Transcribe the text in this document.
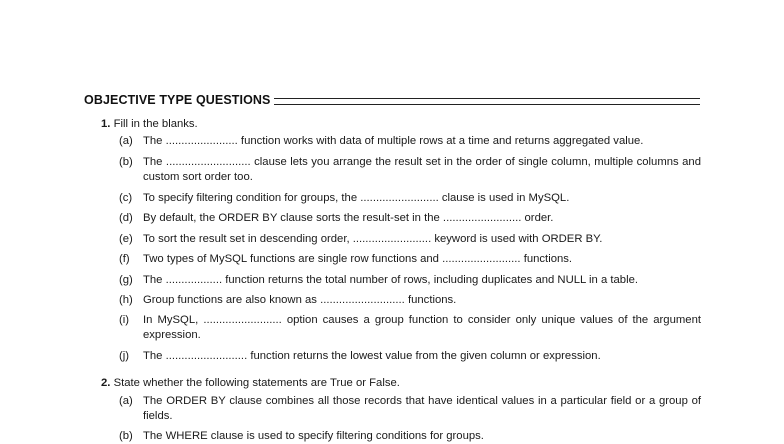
OBJECTIVE TYPE QUESTIONS
1. Fill in the blanks.
(a) The ....................... function works with data of multiple rows at a time and returns aggregated value.
(b) The ........................... clause lets you arrange the result set in the order of single column, multiple columns and custom sort order too.
(c) To specify filtering condition for groups, the ......................... clause is used in MySQL.
(d) By default, the ORDER BY clause sorts the result-set in the ......................... order.
(e) To sort the result set in descending order, ......................... keyword is used with ORDER BY.
(f)	Two types of MySQL functions are single row functions and ......................... functions.
(g) The .................. function returns the total number of rows, including duplicates and NULL in a table.
(h) Group functions are also known as ........................... functions.
(i)	In MySQL, ......................... option causes a group function to consider only unique values of the argument expression.
(j)	The .......................... function returns the lowest value from the given column or expression.
2. State whether the following statements are True or False.
(a) The ORDER BY clause combines all those records that have identical values in a particular field or a group of fields.
(b) The WHERE clause is used to specify filtering conditions for groups.
